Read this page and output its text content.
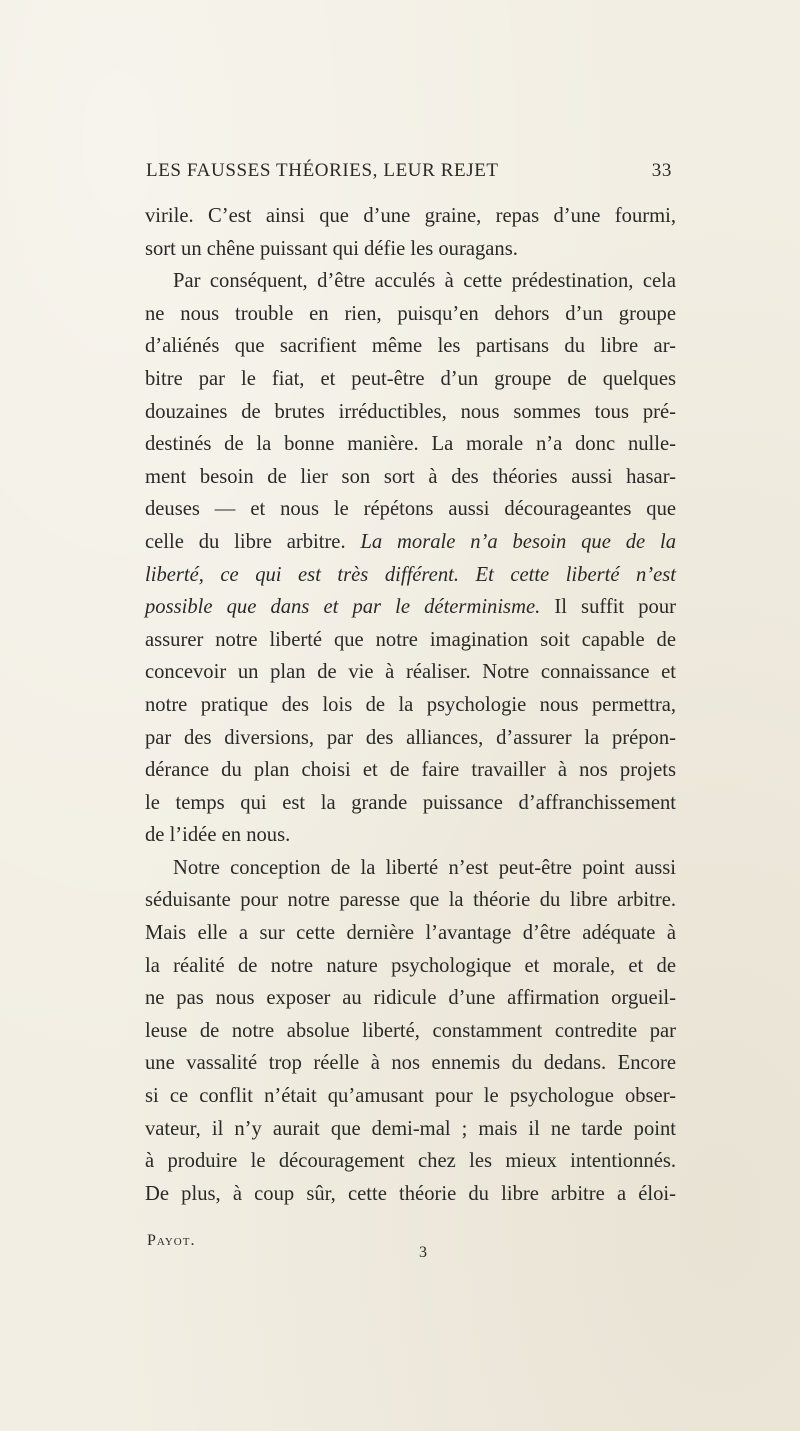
LES FAUSSES THÉORIES, LEUR REJET	33
virile. C’est ainsi que d’une graine, repas d’une fourmi,
sort un chêne puissant qui défie les ouragans.
Par conséquent, d’être acculés à cette prédestination, cela
ne nous trouble en rien, puisqu’en dehors d’un groupe
d’aliénés que sacrifient même les partisans du libre ar-
bitre par le fiat, et peut-être d’un groupe de quelques
douzaines de brutes irréductibles, nous sommes tous pré-
destinés de la bonne manière. La morale n’a donc nulle-
ment besoin de lier son sort à des théories aussi hasar-
deuses — et nous le répétons aussi décourageantes que
celle du libre arbitre. La morale n’a besoin que de la
liberté, ce qui est très différent. Et cette liberté n’est
possible que dans et par le déterminisme. Il suffit pour
assurer notre liberté que notre imagination soit capable de
concevoir un plan de vie à réaliser. Notre connaissance et
notre pratique des lois de la psychologie nous permettra,
par des diversions, par des alliances, d’assurer la prépon-
dérance du plan choisi et de faire travailler à nos projets
le temps qui est la grande puissance d’affranchissement
de l’idée en nous.
Notre conception de la liberté n’est peut-être point aussi
séduisante pour notre paresse que la théorie du libre arbitre.
Mais elle a sur cette dernière l’avantage d’être adéquate à
la réalité de notre nature psychologique et morale, et de
ne pas nous exposer au ridicule d’une affirmation orgueil-
leuse de notre absolue liberté, constamment contredite par
une vassalité trop réelle à nos ennemis du dedans. Encore
si ce conflit n’était qu’amusant pour le psychologue obser-
vateur, il n’y aurait que demi-mal ; mais il ne tarde point
à produire le découragement chez les mieux intentionnés.
De plus, à coup sûr, cette théorie du libre arbitre a éloi-
Payot.
3
